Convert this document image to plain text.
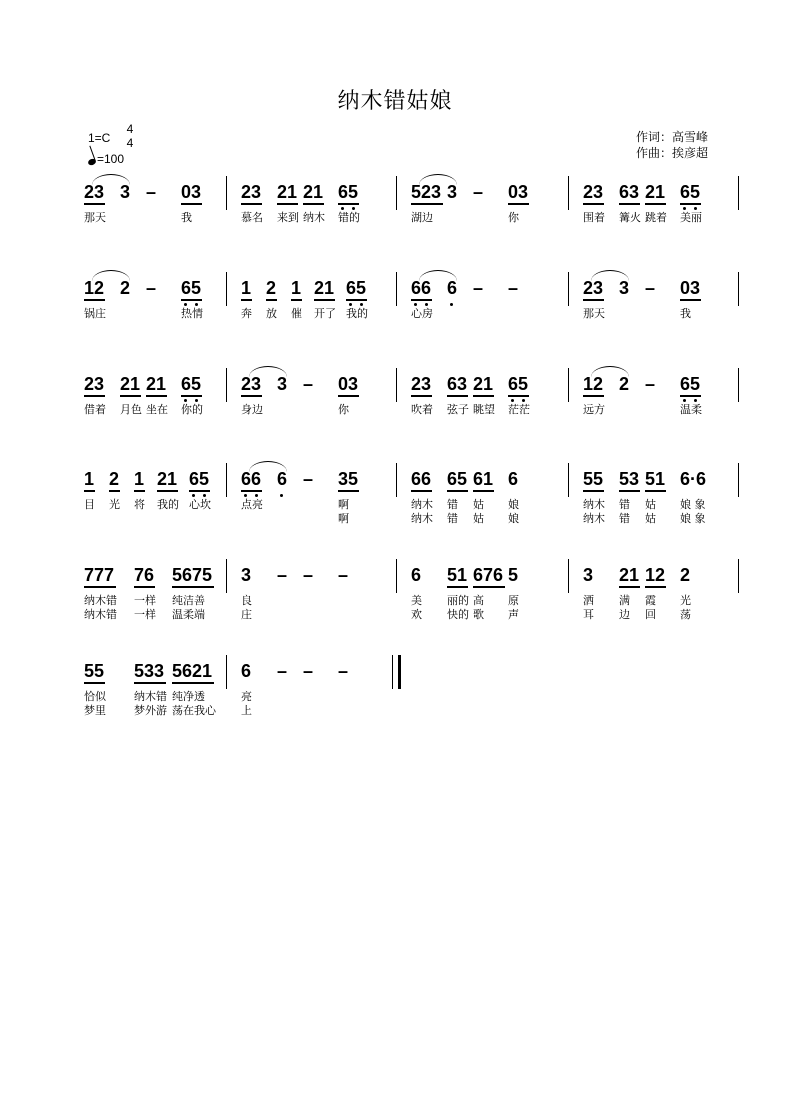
纳木错姑娘
1=C
4
4
=100
作词：高雪峰
作曲：挨彦超
23 3 – 03
那天	我
23 21 21 65
慕名 来到 纳木 错的
523 3 – 03
湖边	你
23 63 21 65
围着 篝火 跳着 美丽
12 2 – 65
锅庄	热情
1 2 1 21 65
奔 放 催 开了 我的
66 6 – –
心房
23 3 – 03
那天	我
23 21 21 65
借着 月色 坐在 你的
23 3 – 03
身边	你
23 63 21 65
吹着 弦子 眺望 茫茫
12 2 – 65
远方	温柔
1 2 1 21 65
目 光 将 我的 心坎
66 6 – 35
点亮	啊
啊
66 65 61 6
纳木 错 姑 娘
纳木 错 姑 娘
55 53 51 6·6
纳木 错 姑 娘 象
纳木 错 姑 娘 象
777 76 5675
纳木错 一样 纯洁善
纳木错 一样 温柔端
3 – – –
良
庄
6 51 676 5
美 丽的 高 原
欢 快的 歌 声
3 21 12 2
洒 满 霞 光
耳 边 回 荡
55 533 5621
恰似	纳木错 纯净透
梦里	梦外游 荡在我心
6 – – –
亮
上
